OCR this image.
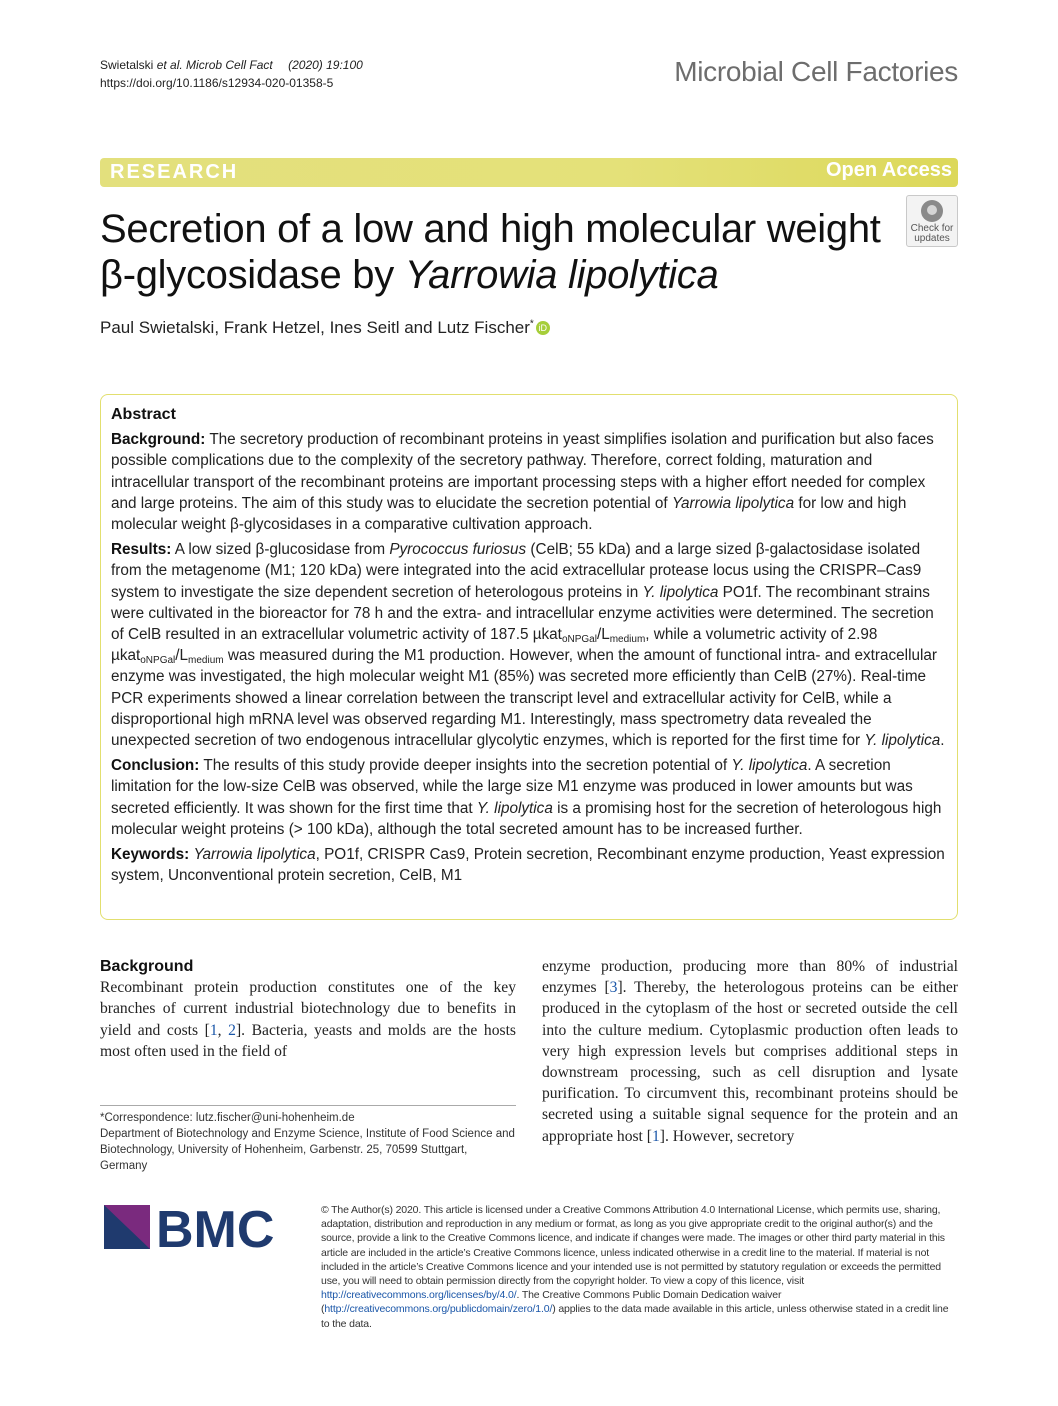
Swietalski et al. Microb Cell Fact (2020) 19:100
https://doi.org/10.1186/s12934-020-01358-5	Microbial Cell Factories
RESEARCH	Open Access
Secretion of a low and high molecular weight β-glycosidase by Yarrowia lipolytica
Check for
updates
Paul Swietalski, Frank Hetzel, Ines Seitl and Lutz Fischer* iD
Abstract

Background: The secretory production of recombinant proteins in yeast simplifies isolation and purification but also faces possible complications due to the complexity of the secretory pathway. Therefore, correct folding, maturation and intracellular transport of the recombinant proteins are important processing steps with a higher effort needed for complex and large proteins. The aim of this study was to elucidate the secretion potential of Yarrowia lipolytica for low and high molecular weight β-glycosidases in a comparative cultivation approach.

Results: A low sized β-glucosidase from Pyrococcus furiosus (CelB; 55 kDa) and a large sized β-galactosidase isolated from the metagenome (M1; 120 kDa) were integrated into the acid extracellular protease locus using the CRISPR–Cas9 system to investigate the size dependent secretion of heterologous proteins in Y. lipolytica PO1f. The recombinant strains were cultivated in the bioreactor for 78 h and the extra- and intracellular enzyme activities were determined. The secretion of CelB resulted in an extracellular volumetric activity of 187.5 $\mu kat_{oNPGal}/L_{medium}$, while a volumetric activity of 2.98 $\mu kat_{oNPGal}/L_{medium}$ was measured during the M1 production. However, when the amount of functional intra- and extracellular enzyme was investigated, the high molecular weight M1 (85%) was secreted more efficiently than CelB (27%). Real-time PCR experiments showed a linear correlation between the transcript level and extracellular activity for CelB, while a disproportional high mRNA level was observed regarding M1. Interestingly, mass spectrometry data revealed the unexpected secretion of two endogenous intracellular glycolytic enzymes, which is reported for the first time for Y. lipolytica.

Conclusion: The results of this study provide deeper insights into the secretion potential of Y. lipolytica. A secretion limitation for the low-size CelB was observed, while the large size M1 enzyme was produced in lower amounts but was secreted efficiently. It was shown for the first time that Y. lipolytica is a promising host for the secretion of heterologous high molecular weight proteins (> 100 kDa), although the total secreted amount has to be increased further.

Keywords: Yarrowia lipolytica, PO1f, CRISPR Cas9, Protein secretion, Recombinant enzyme production, Yeast expression system, Unconventional protein secretion, CelB, M1

Background
Recombinant protein production constitutes one of the key branches of current industrial biotechnology due to benefits in yield and costs [1, 2]. Bacteria, yeasts and molds are the hosts most often used in the field of
enzyme production, producing more than 80% of industrial enzymes [3]. Thereby, the heterologous proteins can be either produced in the cytoplasm of the host or secreted outside the cell into the culture medium. Cytoplasmic production often leads to very high expression levels but comprises additional steps in downstream processing, such as cell disruption and lysate purification. To circumvent this, recombinant proteins should be secreted using a suitable signal sequence for the protein and an appropriate host [1]. However, secretory
*Correspondence: lutz.fischer@uni-hohenheim.de
Department of Biotechnology and Enzyme Science, Institute of Food Science and Biotechnology, University of Hohenheim, Garbenstr. 25, 70599 Stuttgart, Germany
BMC	© The Author(s) 2020. This article is licensed under a Creative Commons Attribution 4.0 International License, which permits use, sharing, adaptation, distribution and reproduction in any medium or format, as long as you give appropriate credit to the original author(s) and the source, provide a link to the Creative Commons licence, and indicate if changes were made. The images or other third party material in this article are included in the article’s Creative Commons licence, unless indicated otherwise in a credit line to the material. If material is not included in the article’s Creative Commons licence and your intended use is not permitted by statutory regulation or exceeds the permitted use, you will need to obtain permission directly from the copyright holder. To view a copy of this licence, visit http://creativecommons.org/licenses/by/4.0/. The Creative Commons Public Domain Dedication waiver (http://creativecommons.org/publicdomain/zero/1.0/) applies to the data made available in this article, unless otherwise stated in a credit line to the data.
